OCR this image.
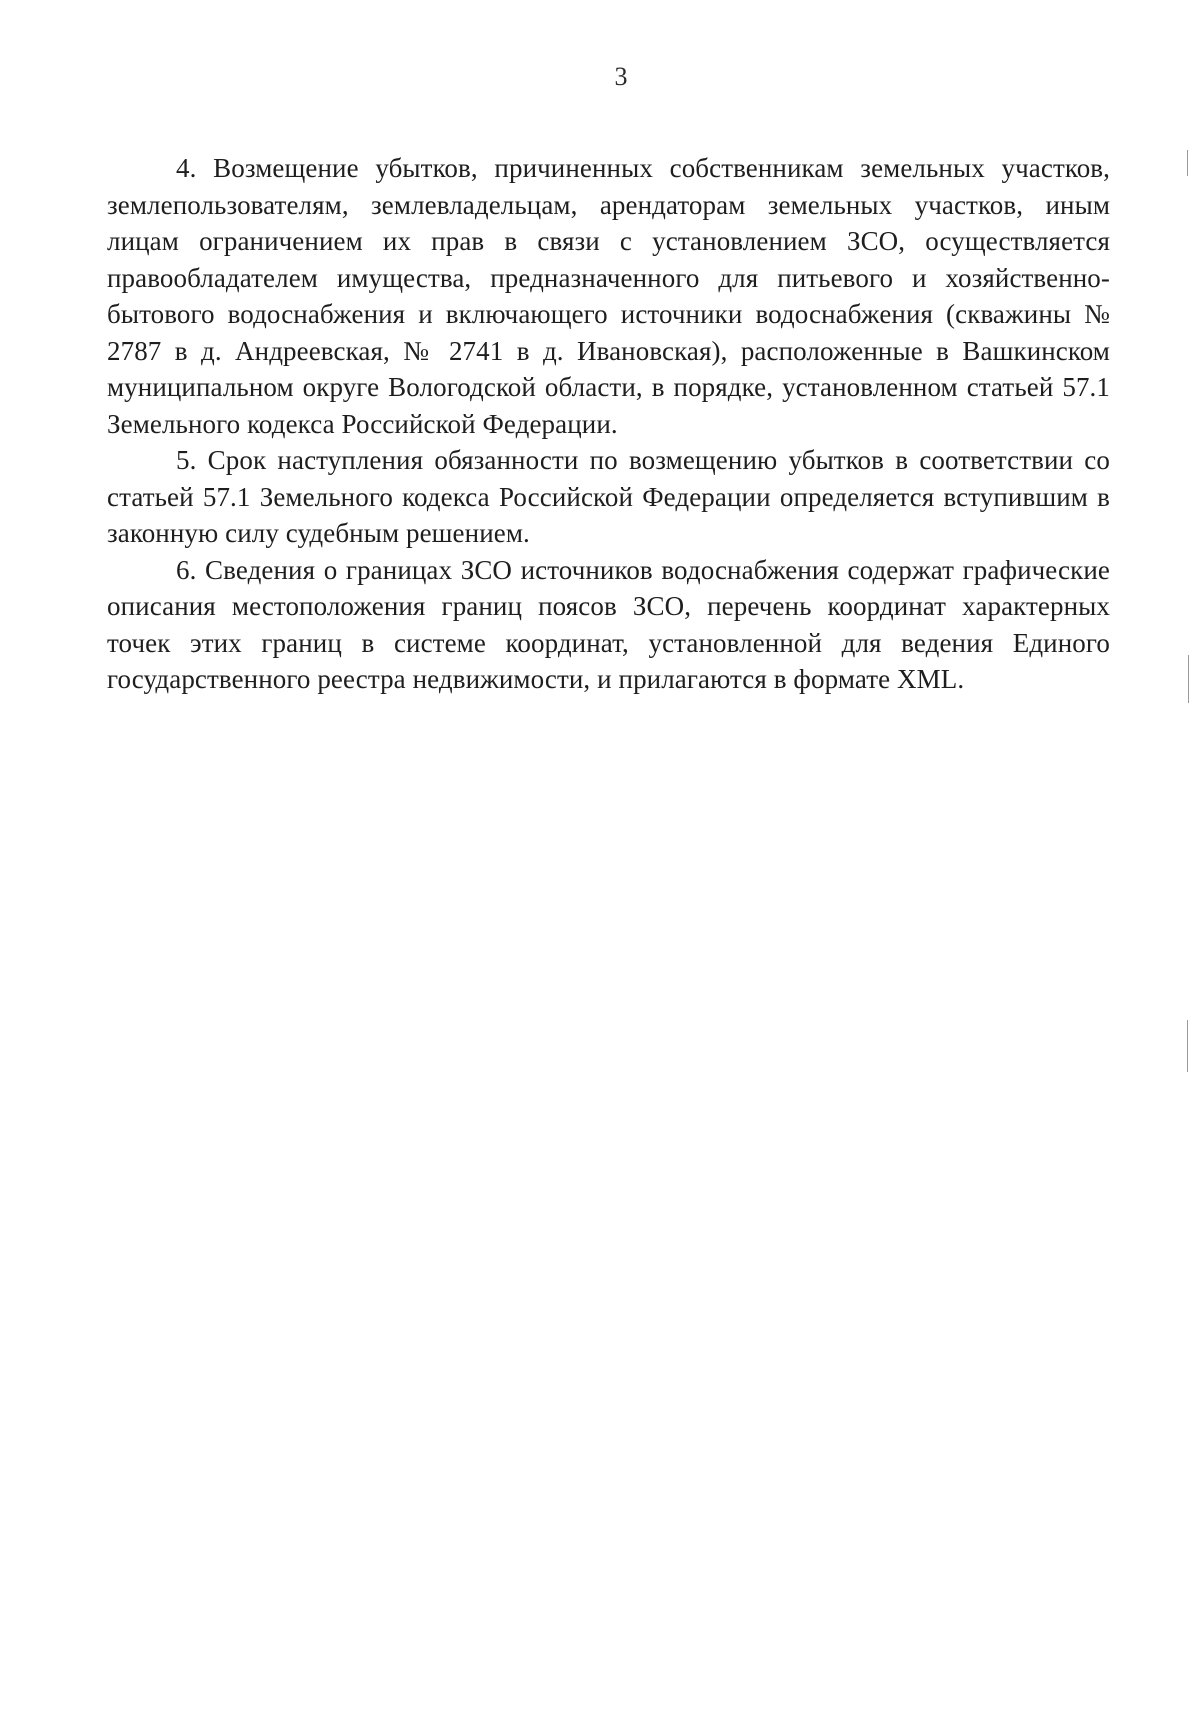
3

4. Возмещение убытков, причиненных собственникам земельных участков, землепользователям, землевладельцам, арендаторам земельных участков, иным лицам ограничением их прав в связи с установлением ЗСО, осуществляется правообладателем имущества, предназначенного для питьевого и хозяйственно-бытового водоснабжения и включающего источники водоснабжения (скважины № 2787 в д. Андреевская, № 2741 в д. Ивановская), расположенные в Вашкинском муниципальном округе Вологодской области, в порядке, установленном статьей 57.1 Земельного кодекса Российской Федерации.

5. Срок наступления обязанности по возмещению убытков в соответствии со статьей 57.1 Земельного кодекса Российской Федерации определяется вступившим в законную силу судебным решением.

6. Сведения о границах ЗСО источников водоснабжения содержат графические описания местоположения границ поясов ЗСО, перечень координат характерных точек этих границ в системе координат, установленной для ведения Единого государственного реестра недвижимости, и прилагаются в формате XML.
